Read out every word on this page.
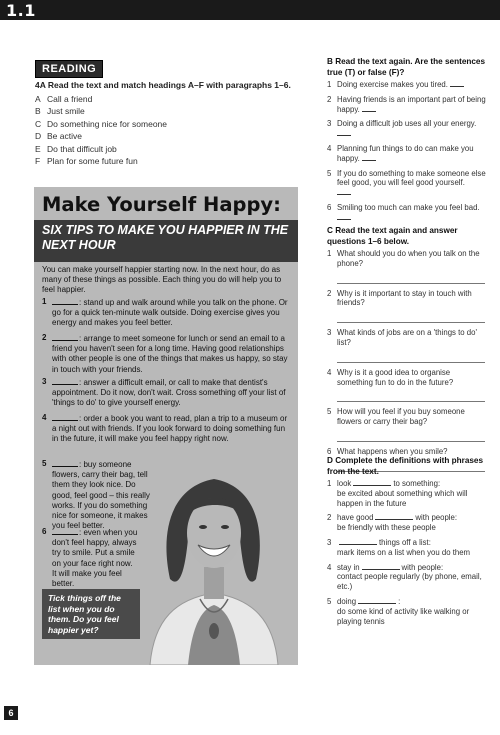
1.1
READING
4A Read the text and match headings A–F with paragraphs 1–6.
A Call a friend
B Just smile
C Do something nice for someone
D Be active
E Do that difficult job
F Plan for some future fun
Make Yourself Happy:
SIX TIPS TO MAKE YOU HAPPIER IN THE NEXT HOUR
You can make yourself happier starting now. In the next hour, do as many of these things as possible. Each thing you do will help you to feel happier.
1	: stand up and walk around while you talk on the phone. Or go for a quick ten-minute walk outside. Doing exercise gives you energy and makes you feel better.
2	: arrange to meet someone for lunch or send an email to a friend you haven't seen for a long time. Having good relationships with other people is one of the things that makes us happy, so stay in touch with your friends.
3	: answer a difficult email, or call to make that dentist's appointment. Do it now, don't wait. Cross something off your list of 'things to do' to give yourself energy.
4	: order a book you want to read, plan a trip to a museum or a night out with friends. If you look forward to doing something fun in the future, it will make you feel happy right now.
5	: buy someone flowers, carry their bag, tell them they look nice. Do good, feel good – this really works. If you do something nice for someone, it makes you feel better.
6	: even when you don't feel happy, always try to smile. Put a smile on your face right now. It will make you feel better.
Tick things off the list when you do them. Do you feel happier yet?
B Read the text again. Are the sentences true (T) or false (F)?
1 Doing exercise makes you tired.
2 Having friends is an important part of being happy.
3 Doing a difficult job uses all your energy.

4 Planning fun things to do can make you happy.
5 If you do something to make someone else feel good, you will feel good yourself.

6 Smiling too much can make you feel bad.
C Read the text again and answer questions 1–6 below.
1 What should you do when you talk on the phone?
2 Why is it important to stay in touch with friends?
3 What kinds of jobs are on a 'things to do' list?
4 Why is it a good idea to organise something fun to do in the future?
5 How will you feel if you buy someone flowers or carry their bag?
6 What happens when you smile?
D Complete the definitions with phrases from the text.
1 look	to something:
be excited about something which will happen in the future
2 have good	with people:
be friendly with these people
3	things off a list:
mark items on a list when you do them
4 stay in	with people:
contact people regularly (by phone, email, etc.)
5 doing	:
do some kind of activity like walking or playing tennis
6
